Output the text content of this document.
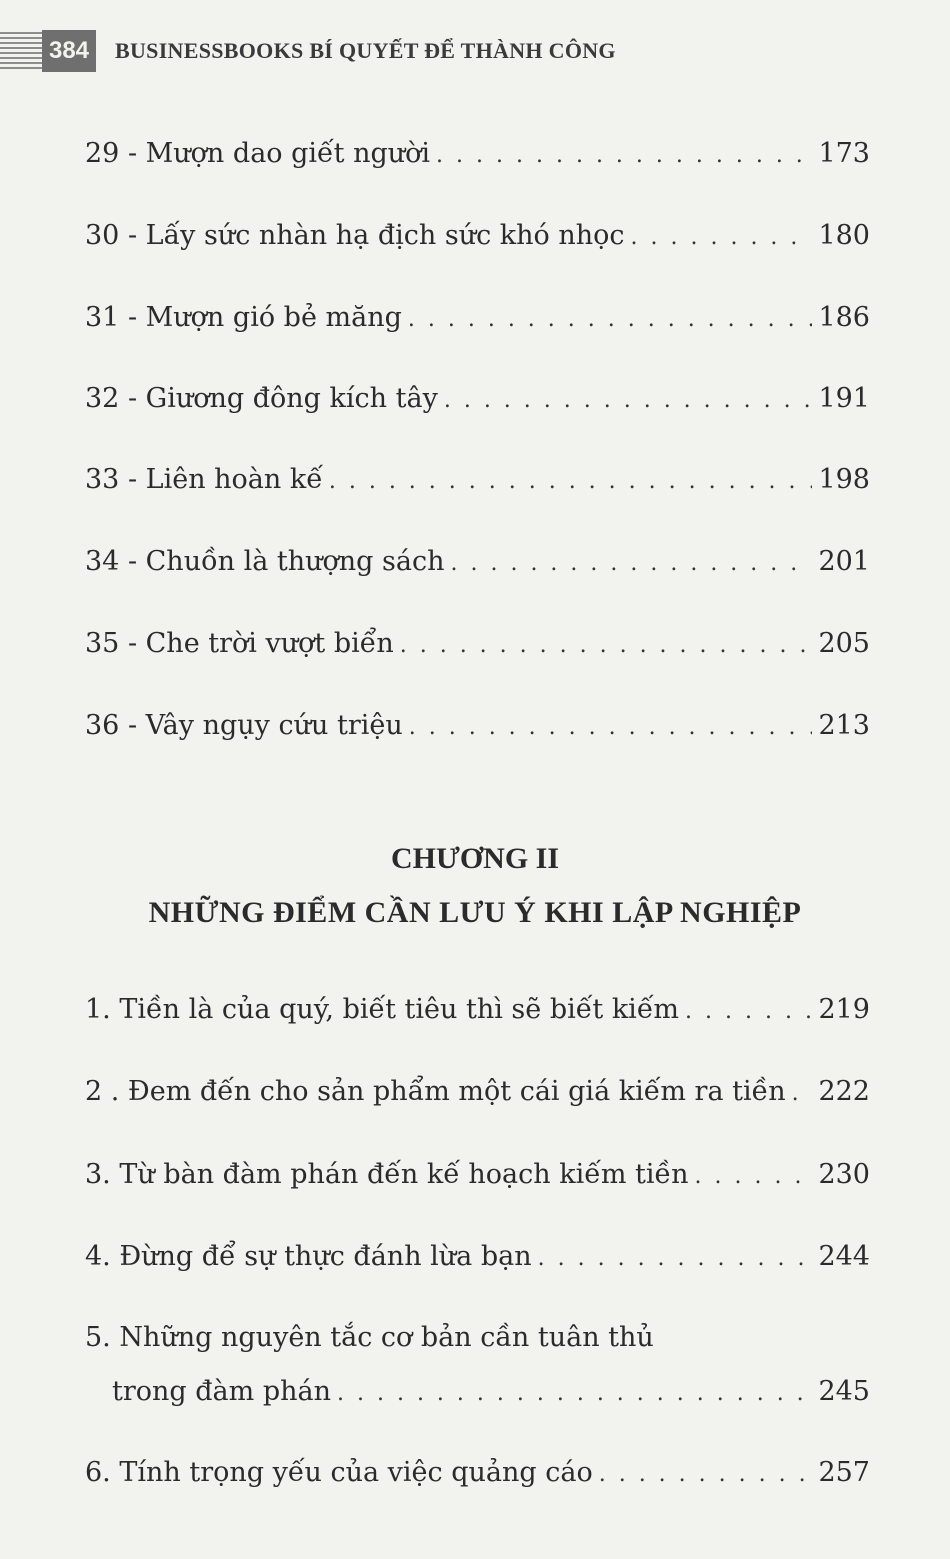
384	BUSINESSBOOKS BÍ QUYẾT ĐỂ THÀNH CÔNG
29 - Mượn dao giết người . . .	173
30 - Lấy sức nhàn hạ địch sức khó nhọc . . .	180
31 - Mượn gió bẻ măng . . .	186
32 - Giương đông kích tây . . .	191
33 - Liên hoàn kế . . .	198
34 - Chuồn là thượng sách . . .	201
35 - Che trời vượt biển . . .	205
36 - Vây ngụy cứu triệu . . .	213
CHƯƠNG II
NHỮNG ĐIỂM CẦN LƯU Ý KHI LẬP NGHIỆP
1. Tiền là của quý, biết tiêu thì sẽ biết kiếm . . .	219
2 . Đem đến cho sản phẩm một cái giá kiếm ra tiền . . . 222
3. Từ bàn đàm phán đến kế hoạch kiếm tiền . . .	230
4. Đừng để sự thực đánh lừa bạn . . .	244
5. Những nguyên tắc cơ bản cần tuân thủ
trong đàm phán . . .	245
6. Tính trọng yếu của việc quảng cáo . . .	257
